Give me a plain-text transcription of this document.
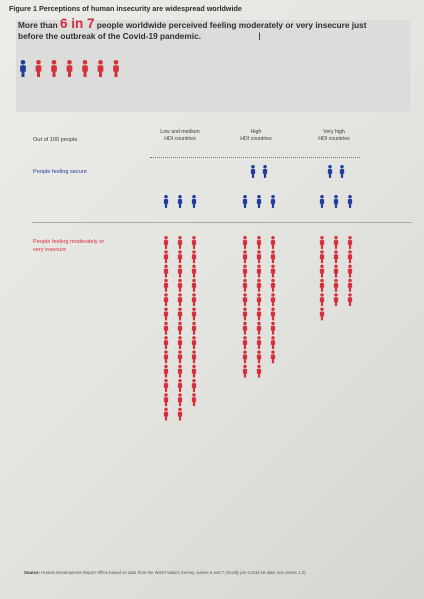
Figure 1 Perceptions of human insecurity are widespread worldwide
More than 6 in 7 people worldwide perceived feeling moderately or very insecure just before the outbreak of the Covid-19 pandemic.	I
Out of 100 people
Low and medium
HDI countries
High
HDI countries
Very high
HDI countries
People feeling secure
People feeling moderately or
very insecure
Source: Human Development Report Office based on data from the World Values Survey, waves 6 and 7 (mostly pre-Covid-19 data; see annex 1.2).
